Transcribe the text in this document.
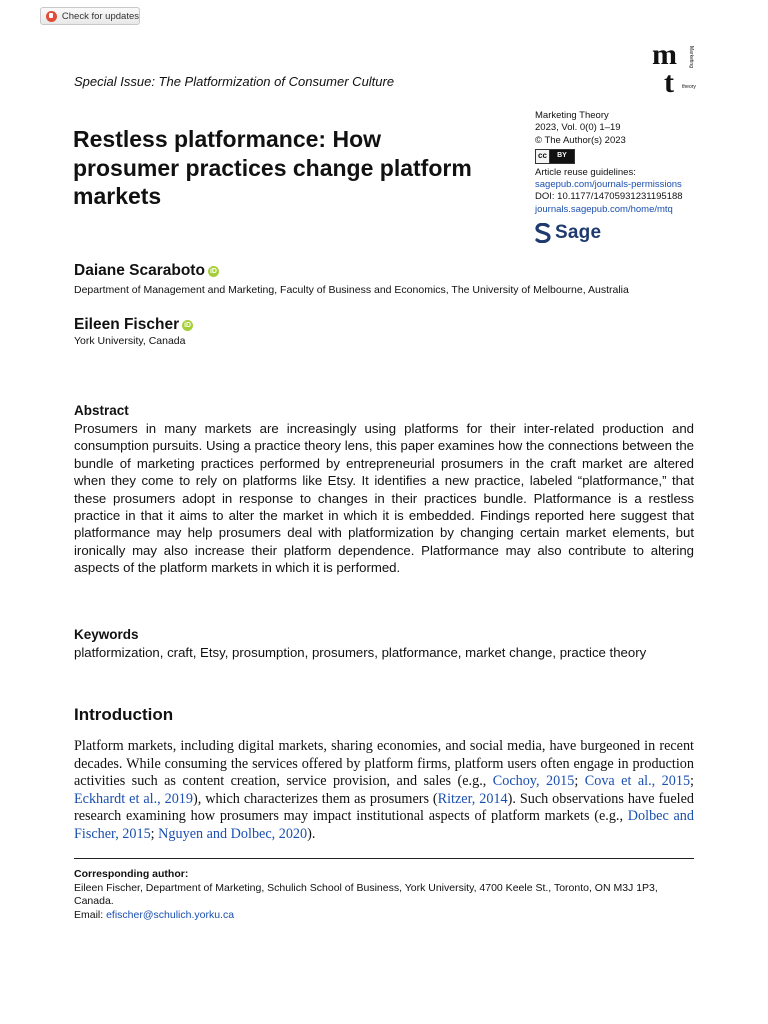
Check for updates
m
t
Marketing
theory
Special Issue: The Platformization of Consumer Culture
Restless platformance: How
prosumer practices change platform
markets
Marketing Theory
2023, Vol. 0(0) 1–19
© The Author(s) 2023
cc	BY
Article reuse guidelines:
sagepub.com/journals-permissions
DOI: 10.1177/14705931231195188
journals.sagepub.com/home/mtq
Sage
Daiane Scaraboto iD
Department of Management and Marketing, Faculty of Business and Economics, The University of Melbourne, Australia
Eileen Fischer iD
York University, Canada
Abstract
Prosumers in many markets are increasingly using platforms for their inter-related production and consumption pursuits. Using a practice theory lens, this paper examines how the connections between the bundle of marketing practices performed by entrepreneurial prosumers in the craft market are altered when they come to rely on platforms like Etsy. It identifies a new practice, labeled “platformance,” that these prosumers adopt in response to changes in their practices bundle. Platformance is a restless practice in that it aims to alter the market in which it is embedded. Findings reported here suggest that platformance may help prosumers deal with platformization by changing certain market elements, but ironically may also increase their platform dependence. Platformance may also contribute to altering aspects of the platform markets in which it is performed.
Keywords
platformization, craft, Etsy, prosumption, prosumers, platformance, market change, practice theory
Introduction
Platform markets, including digital markets, sharing economies, and social media, have burgeoned in recent decades. While consuming the services offered by platform firms, platform users often engage in production activities such as content creation, service provision, and sales (e.g., Cochoy, 2015; Cova et al., 2015; Eckhardt et al., 2019), which characterizes them as prosumers (Ritzer, 2014). Such observations have fueled research examining how prosumers may impact institutional aspects of platform markets (e.g., Dolbec and Fischer, 2015; Nguyen and Dolbec, 2020).
Corresponding author:
Eileen Fischer, Department of Marketing, Schulich School of Business, York University, 4700 Keele St., Toronto, ON M3J 1P3, Canada.
Email: efischer@schulich.yorku.ca
